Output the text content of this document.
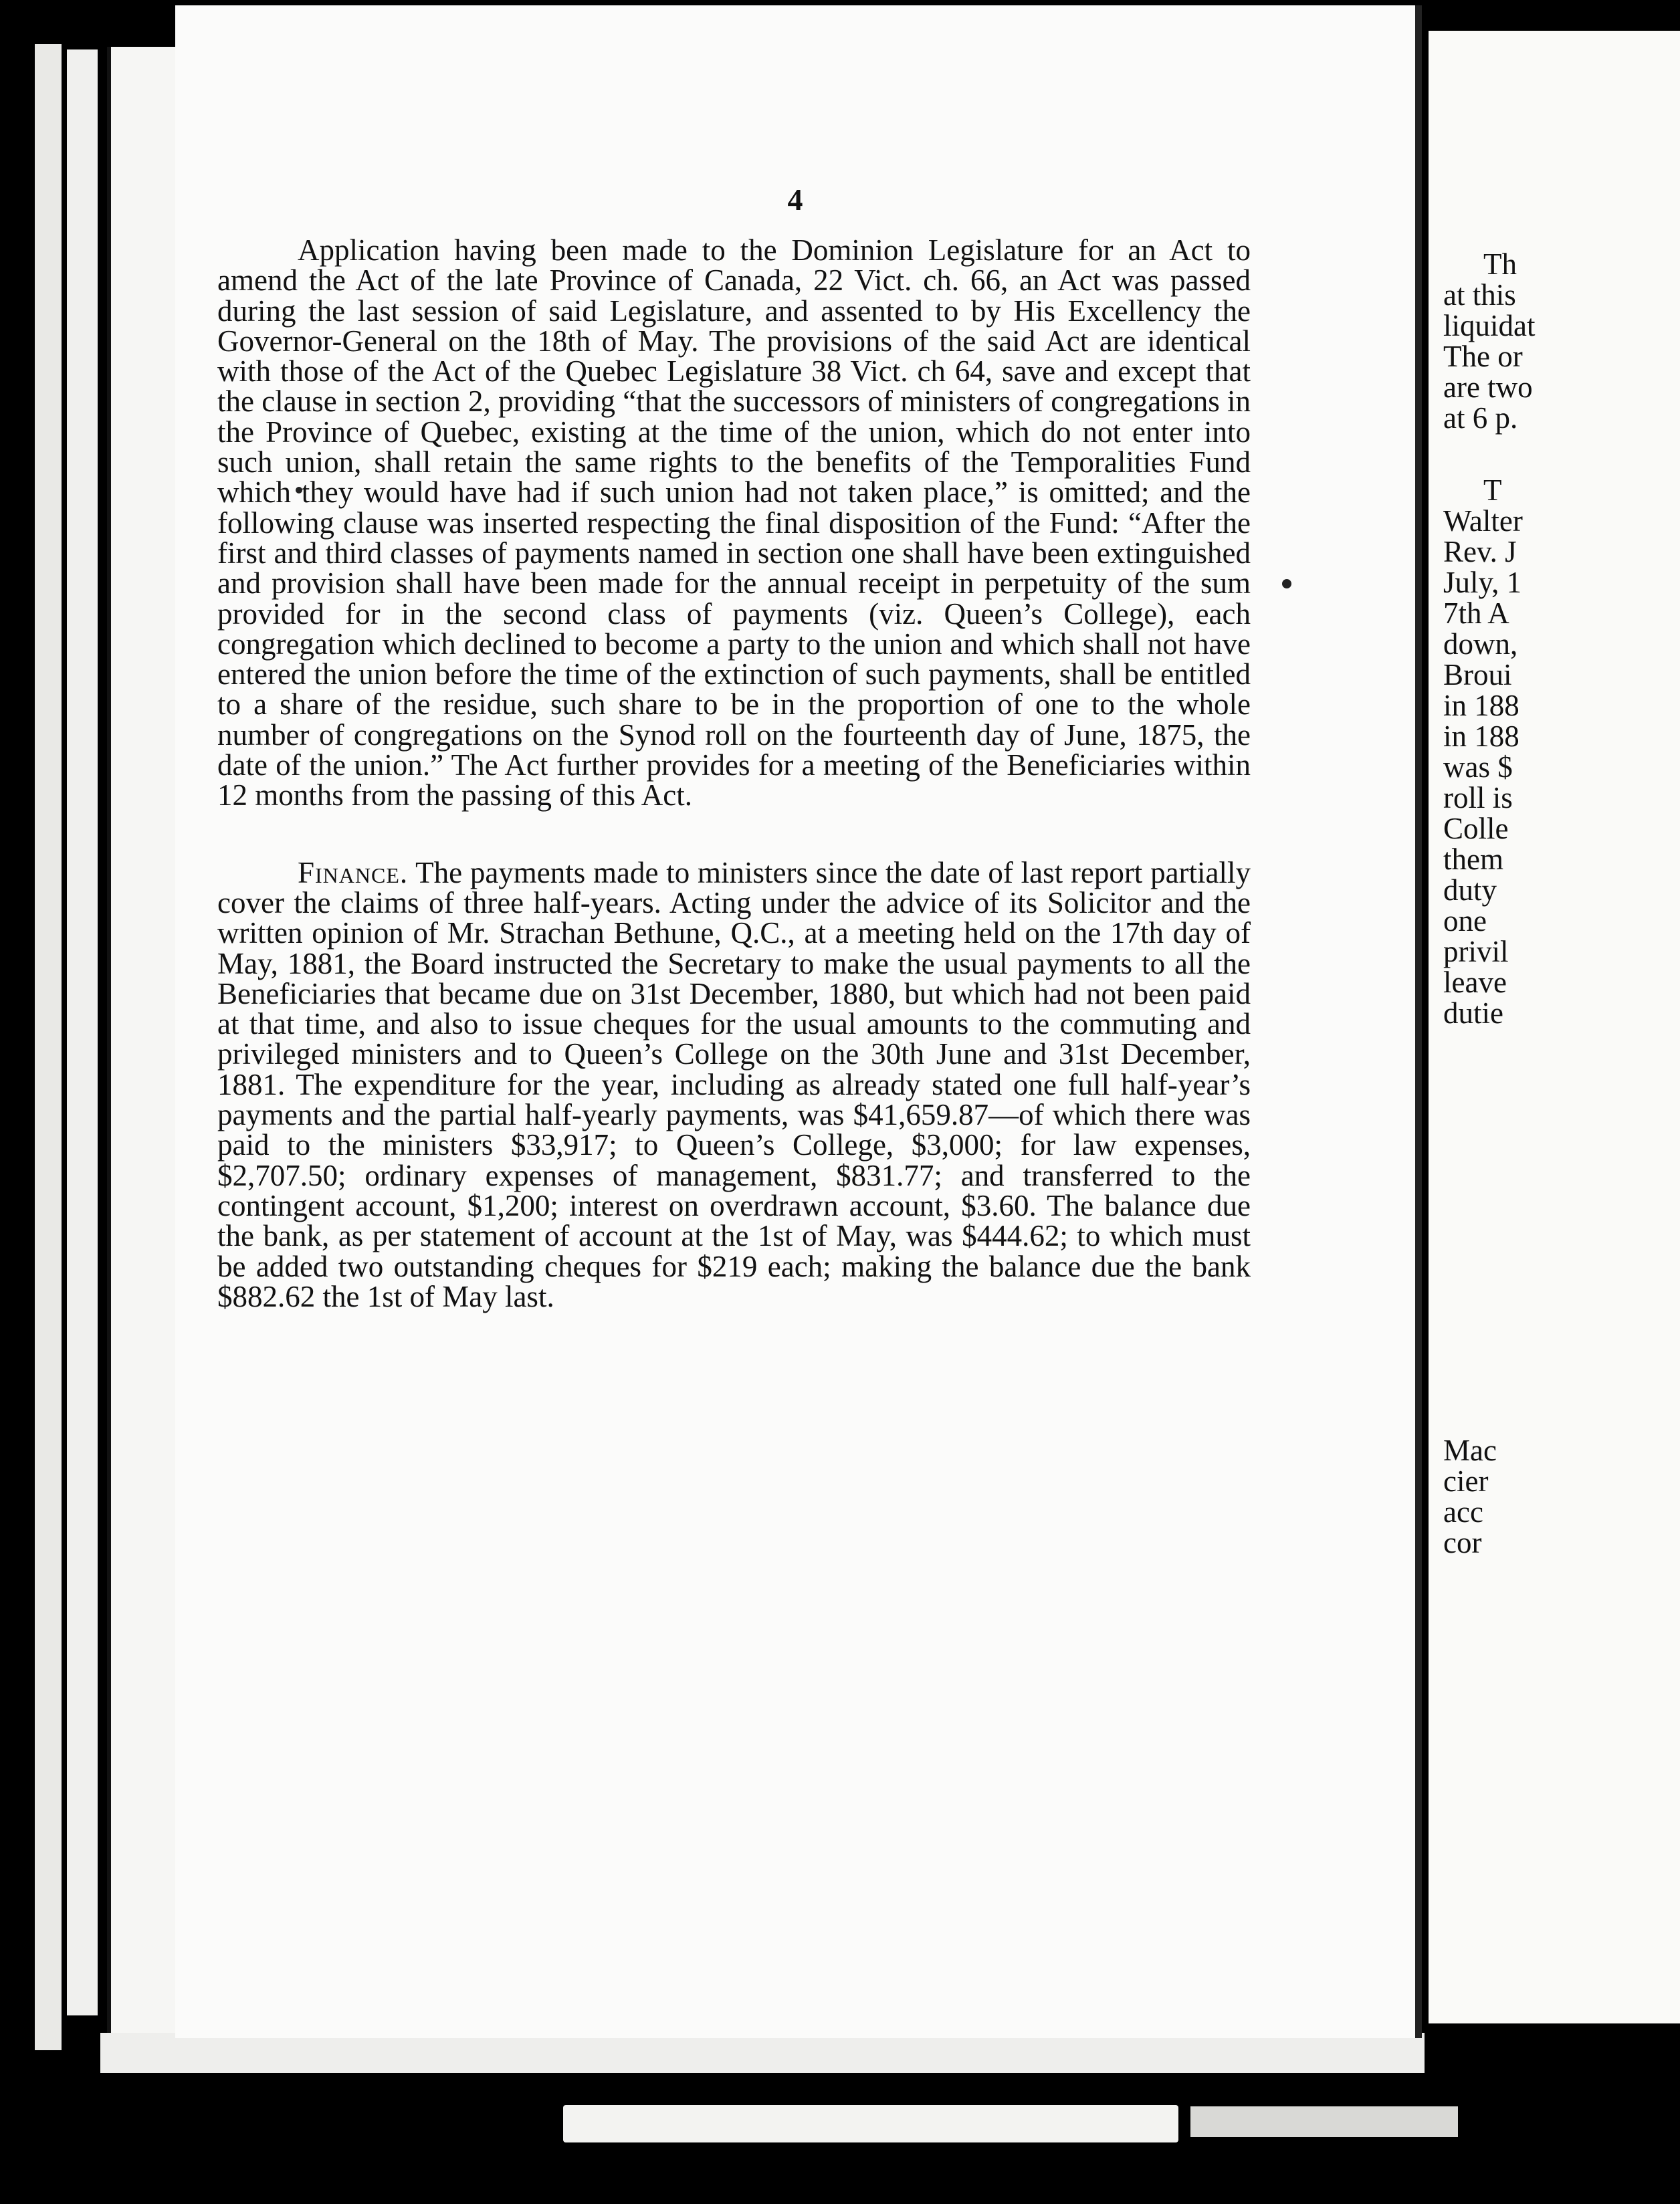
4

Application having been made to the Dominion Legislature for an Act to amend the Act of the late Province of Canada, 22 Vict. ch. 66, an Act was passed during the last session of said Legislature, and assented to by His Excellency the Governor-General on the 18th of May. The provisions of the said Act are identical with those of the Act of the Quebec Legislature 38 Vict. ch 64, save and except that the clause in section 2, providing “that the successors of ministers of congregations in the Province of Quebec, existing at the time of the union, which do not enter into such union, shall retain the same rights to the benefits of the Temporalities Fund which they would have had if such union had not taken place,” is omitted; and the following clause was inserted respecting the final disposition of the Fund: “After the first and third classes of payments named in section one shall have been extinguished and provision shall have been made for the annual receipt in perpetuity of the sum provided for in the second class of payments (viz. Queen’s College), each congregation which declined to become a party to the union and which shall not have entered the union before the time of the extinction of such payments, shall be entitled to a share of the residue, such share to be in the proportion of one to the whole number of congregations on the Synod roll on the fourteenth day of June, 1875, the date of the union.” The Act further provides for a meeting of the Beneficiaries within 12 months from the passing of this Act.

Finance. The payments made to ministers since the date of last report partially cover the claims of three half-years. Acting under the advice of its Solicitor and the written opinion of Mr. Strachan Bethune, Q.C., at a meeting held on the 17th day of May, 1881, the Board instructed the Secretary to make the usual payments to all the Beneficiaries that became due on 31st December, 1880, but which had not been paid at that time, and also to issue cheques for the usual amounts to the commuting and privileged ministers and to Queen’s College on the 30th June and 31st December, 1881. The expenditure for the year, including as already stated one full half-year’s payments and the partial half-yearly payments, was $41,659.87—of which there was paid to the ministers $33,917; to Queen’s College, $3,000; for law expenses, $2,707.50; ordinary expenses of management, $831.77; and transferred to the contingent account, $1,200; interest on overdrawn account, $3.60. The balance due the bank, as per statement of account at the 1st of May, was $444.62; to which must be added two outstanding cheques for $219 each; making the balance due the bank $882.62 the 1st of May last.

Th
at this
liquidat
The or
are two
at 6 p.
T
Walter
Rev. J
July, 1
7th A
down,
Broui
in 188
in 188
was $
roll is
Colle
them
duty
one
privil
leave
dutie
Mac
cier
acc
cor
